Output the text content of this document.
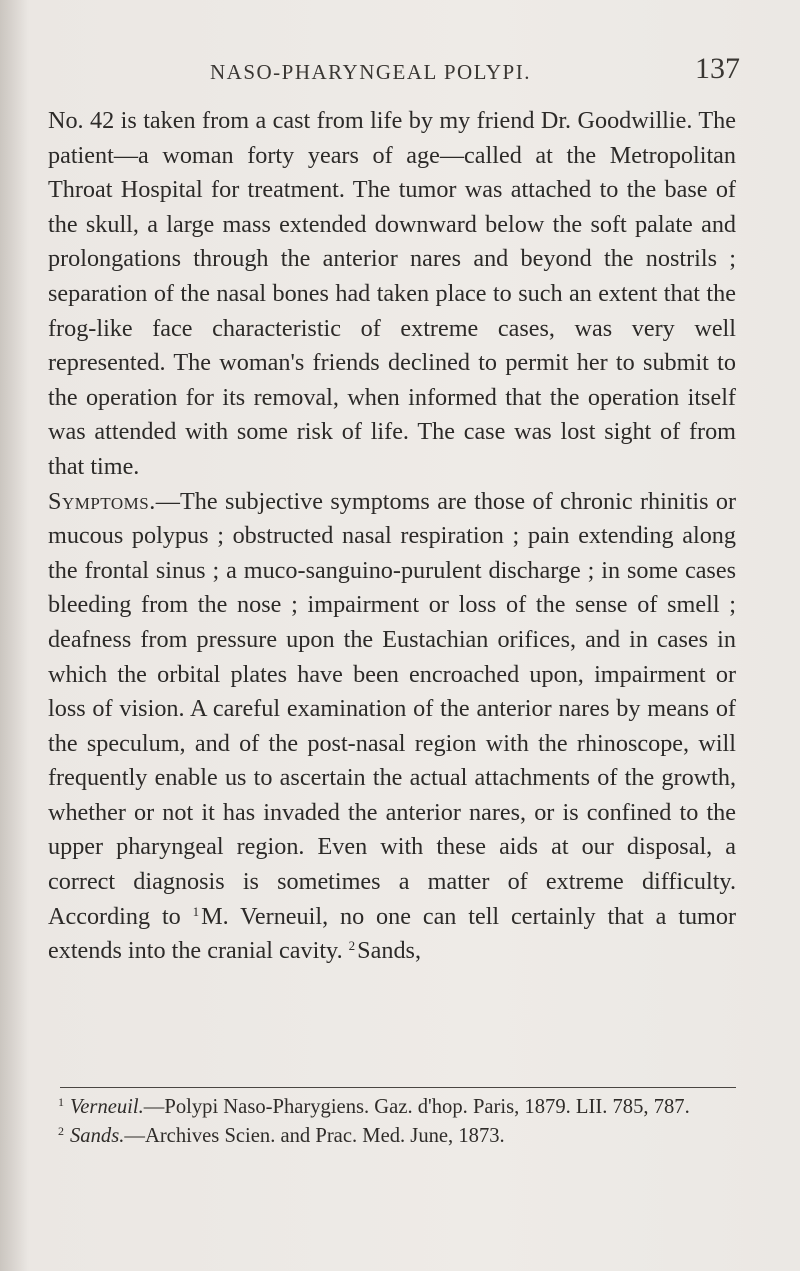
NASO-PHARYNGEAL POLYPI.	137

No. 42 is taken from a cast from life by my friend Dr. Goodwillie. The patient—a woman forty years of age—called at the Metropolitan Throat Hospital for treatment. The tumor was attached to the base of the skull, a large mass extended downward below the soft palate and prolongations through the anterior nares and beyond the nostrils ; separation of the nasal bones had taken place to such an extent that the frog-like face characteristic of extreme cases, was very well represented. The woman's friends declined to permit her to submit to the operation for its removal, when informed that the operation itself was attended with some risk of life. The case was lost sight of from that time.

Symptoms.—The subjective symptoms are those of chronic rhinitis or mucous polypus ; obstructed nasal respiration ; pain extending along the frontal sinus ; a muco-sanguino-purulent discharge ; in some cases bleeding from the nose ; impairment or loss of the sense of smell ; deafness from pressure upon the Eustachian orifices, and in cases in which the orbital plates have been encroached upon, impairment or loss of vision. A careful examination of the anterior nares by means of the speculum, and of the post-nasal region with the rhinoscope, will frequently enable us to ascertain the actual attachments of the growth, whether or not it has invaded the anterior nares, or is confined to the upper pharyngeal region. Even with these aids at our disposal, a correct diagnosis is sometimes a matter of extreme difficulty. According to $^1$M. Verneuil, no one can tell certainly that a tumor extends into the cranial cavity. $^2$Sands,

$^1$ Verneuil.—Polypi Naso-Pharygiens. Gaz. d'hop. Paris, 1879. LII. 785, 787.

$^2$ Sands.—Archives Scien. and Prac. Med. June, 1873.
